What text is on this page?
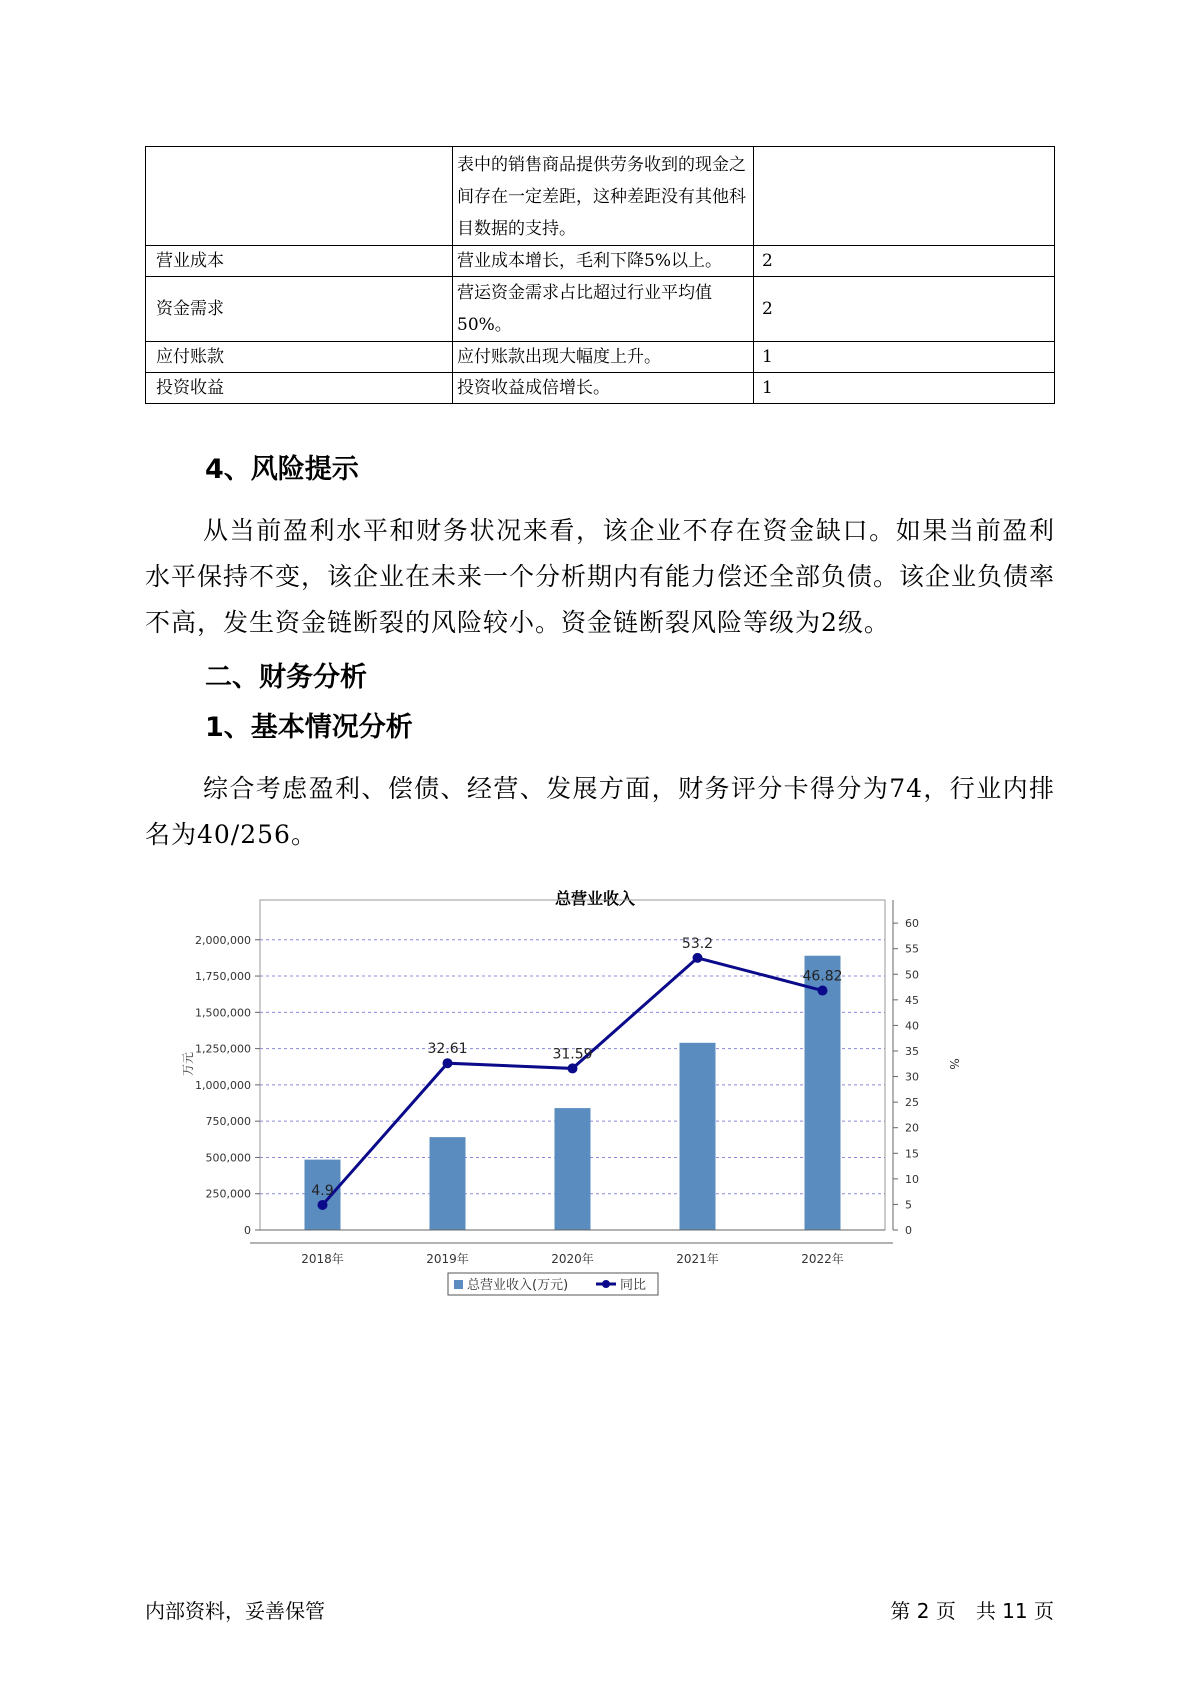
	表中的销售商品提供劳务收到的现金之间存在一定差距，这种差距没有其他科目数据的支持。	
营业成本	营业成本增长，毛利下降5%以上。	2
资金需求	营运资金需求占比超过行业平均值50%。	2
应付账款	应付账款出现大幅度上升。	1
投资收益	投资收益成倍增长。	1
4、风险提示

从当前盈利水平和财务状况来看，该企业不存在资金缺口。如果当前盈利水平保持不变，该企业在未来一个分析期内有能力偿还全部负债。该企业负债率不高，发生资金链断裂的风险较小。资金链断裂风险等级为2级。

二、财务分析
1、基本情况分析

综合考虑盈利、偿债、经营、发展方面，财务评分卡得分为74，行业内排名为40/256。

总营业收入
4.9
32.61	31.59
53.2
46.82
0
250,000
500,000
750,000
1,000,000
1,250,000
1,500,000
1,750,000
2,000,000
0
5
10
15
20
25
30
35
40
45
50
55
60
万元	%
2018年	2019年	2020年	2021年	2022年
总营业收入(万元)	同比

内部资料，妥善保管	第 2 页　共 11 页
